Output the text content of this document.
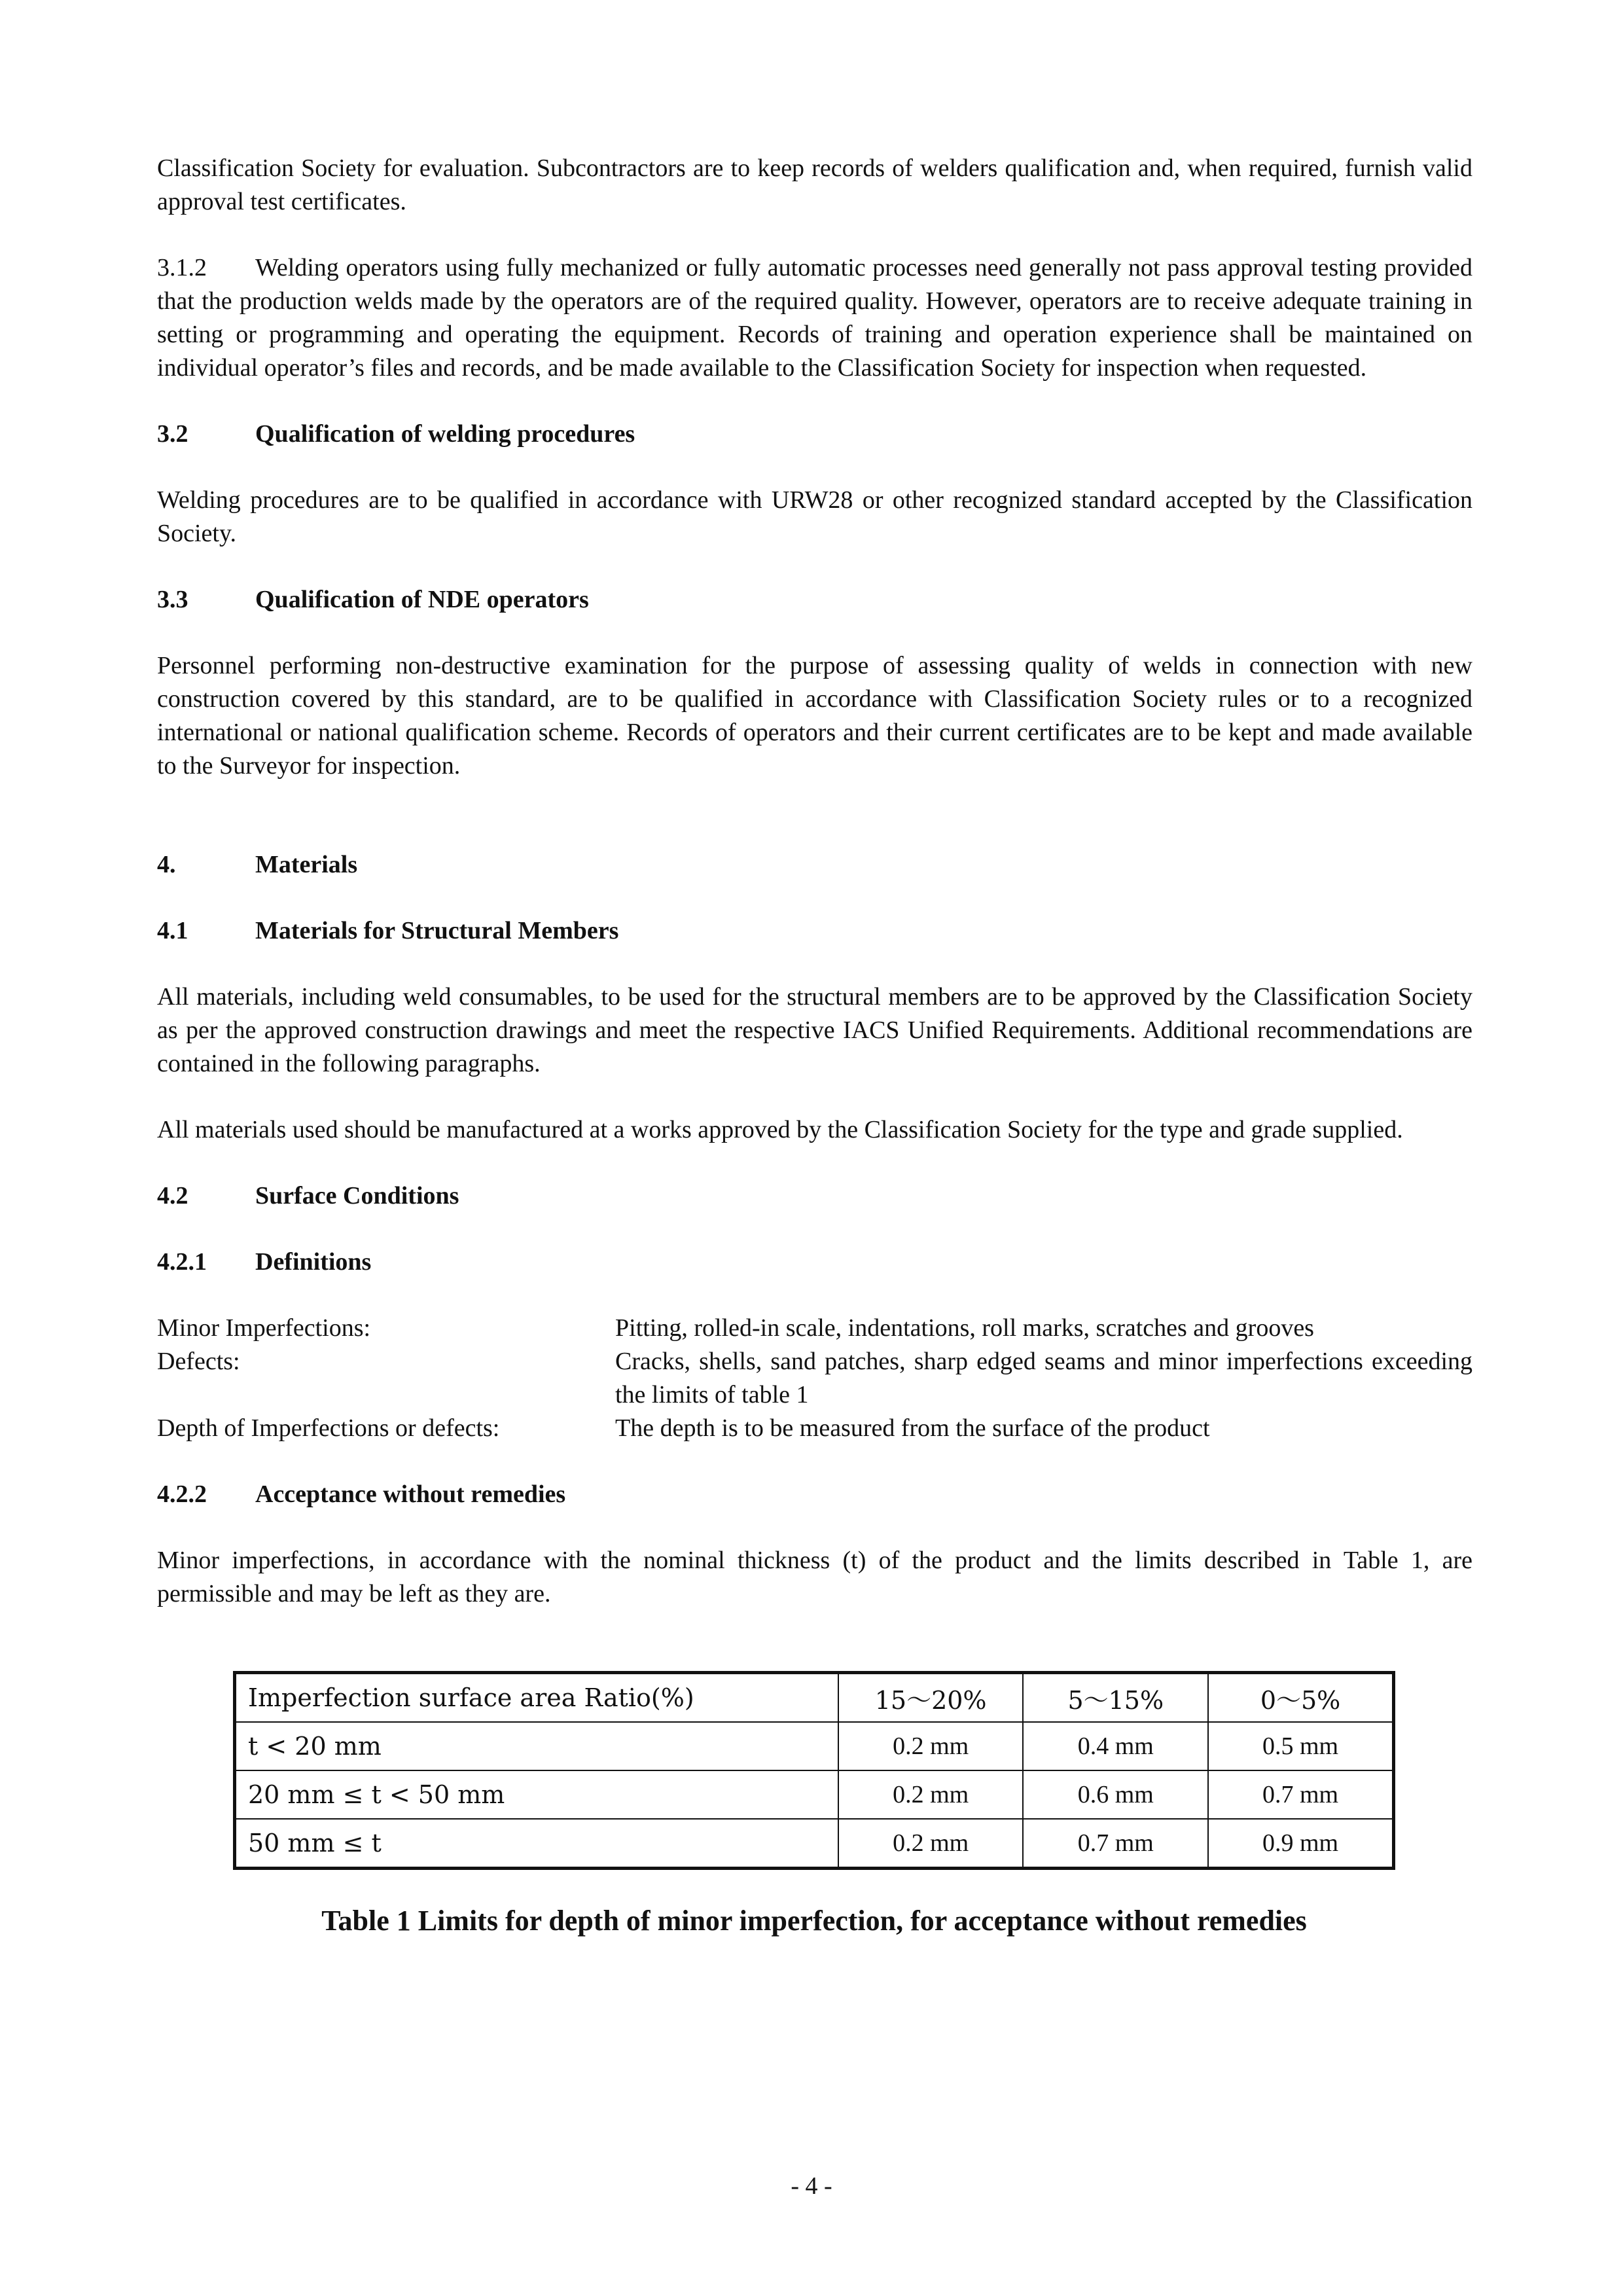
Classification Society for evaluation. Subcontractors are to keep records of welders qualification and, when required, furnish valid approval test certificates.

3.1.2 Welding operators using fully mechanized or fully automatic processes need generally not pass approval testing provided that the production welds made by the operators are of the required quality. However, operators are to receive adequate training in setting or programming and operating the equipment. Records of training and operation experience shall be maintained on individual operator’s files and records, and be made available to the Classification Society for inspection when requested.

3.2	Qualification of welding procedures

Welding procedures are to be qualified in accordance with URW28 or other recognized standard accepted by the Classification Society.

3.3	Qualification of NDE operators

Personnel performing non-destructive examination for the purpose of assessing quality of welds in connection with new construction covered by this standard, are to be qualified in accordance with Classification Society rules or to a recognized international or national qualification scheme. Records of operators and their current certificates are to be kept and made available to the Surveyor for inspection.

4.	Materials
4.1	Materials for Structural Members

All materials, including weld consumables, to be used for the structural members are to be approved by the Classification Society as per the approved construction drawings and meet the respective IACS Unified Requirements. Additional recommendations are contained in the following paragraphs.

All materials used should be manufactured at a works approved by the Classification Society for the type and grade supplied.

4.2	Surface Conditions
4.2.1	Definitions
Minor Imperfections:	Pitting, rolled-in scale, indentations, roll marks, scratches and grooves
Defects:	Cracks, shells, sand patches, sharp edged seams and minor imperfections exceeding the limits of table 1
Depth of Imperfections or defects:	The depth is to be measured from the surface of the product
4.2.2	Acceptance without remedies

Minor imperfections, in accordance with the nominal thickness (t) of the product and the limits described in Table 1, are permissible and may be left as they are.

Imperfection surface area Ratio(%)	15～20%	5～15%	0～5%
t < 20 mm	0.2 mm	0.4 mm	0.5 mm
20 mm ≤ t < 50 mm	0.2 mm	0.6 mm	0.7 mm
50 mm ≤ t	0.2 mm	0.7 mm	0.9 mm
Table 1 Limits for depth of minor imperfection, for acceptance without remedies
- 4 -
